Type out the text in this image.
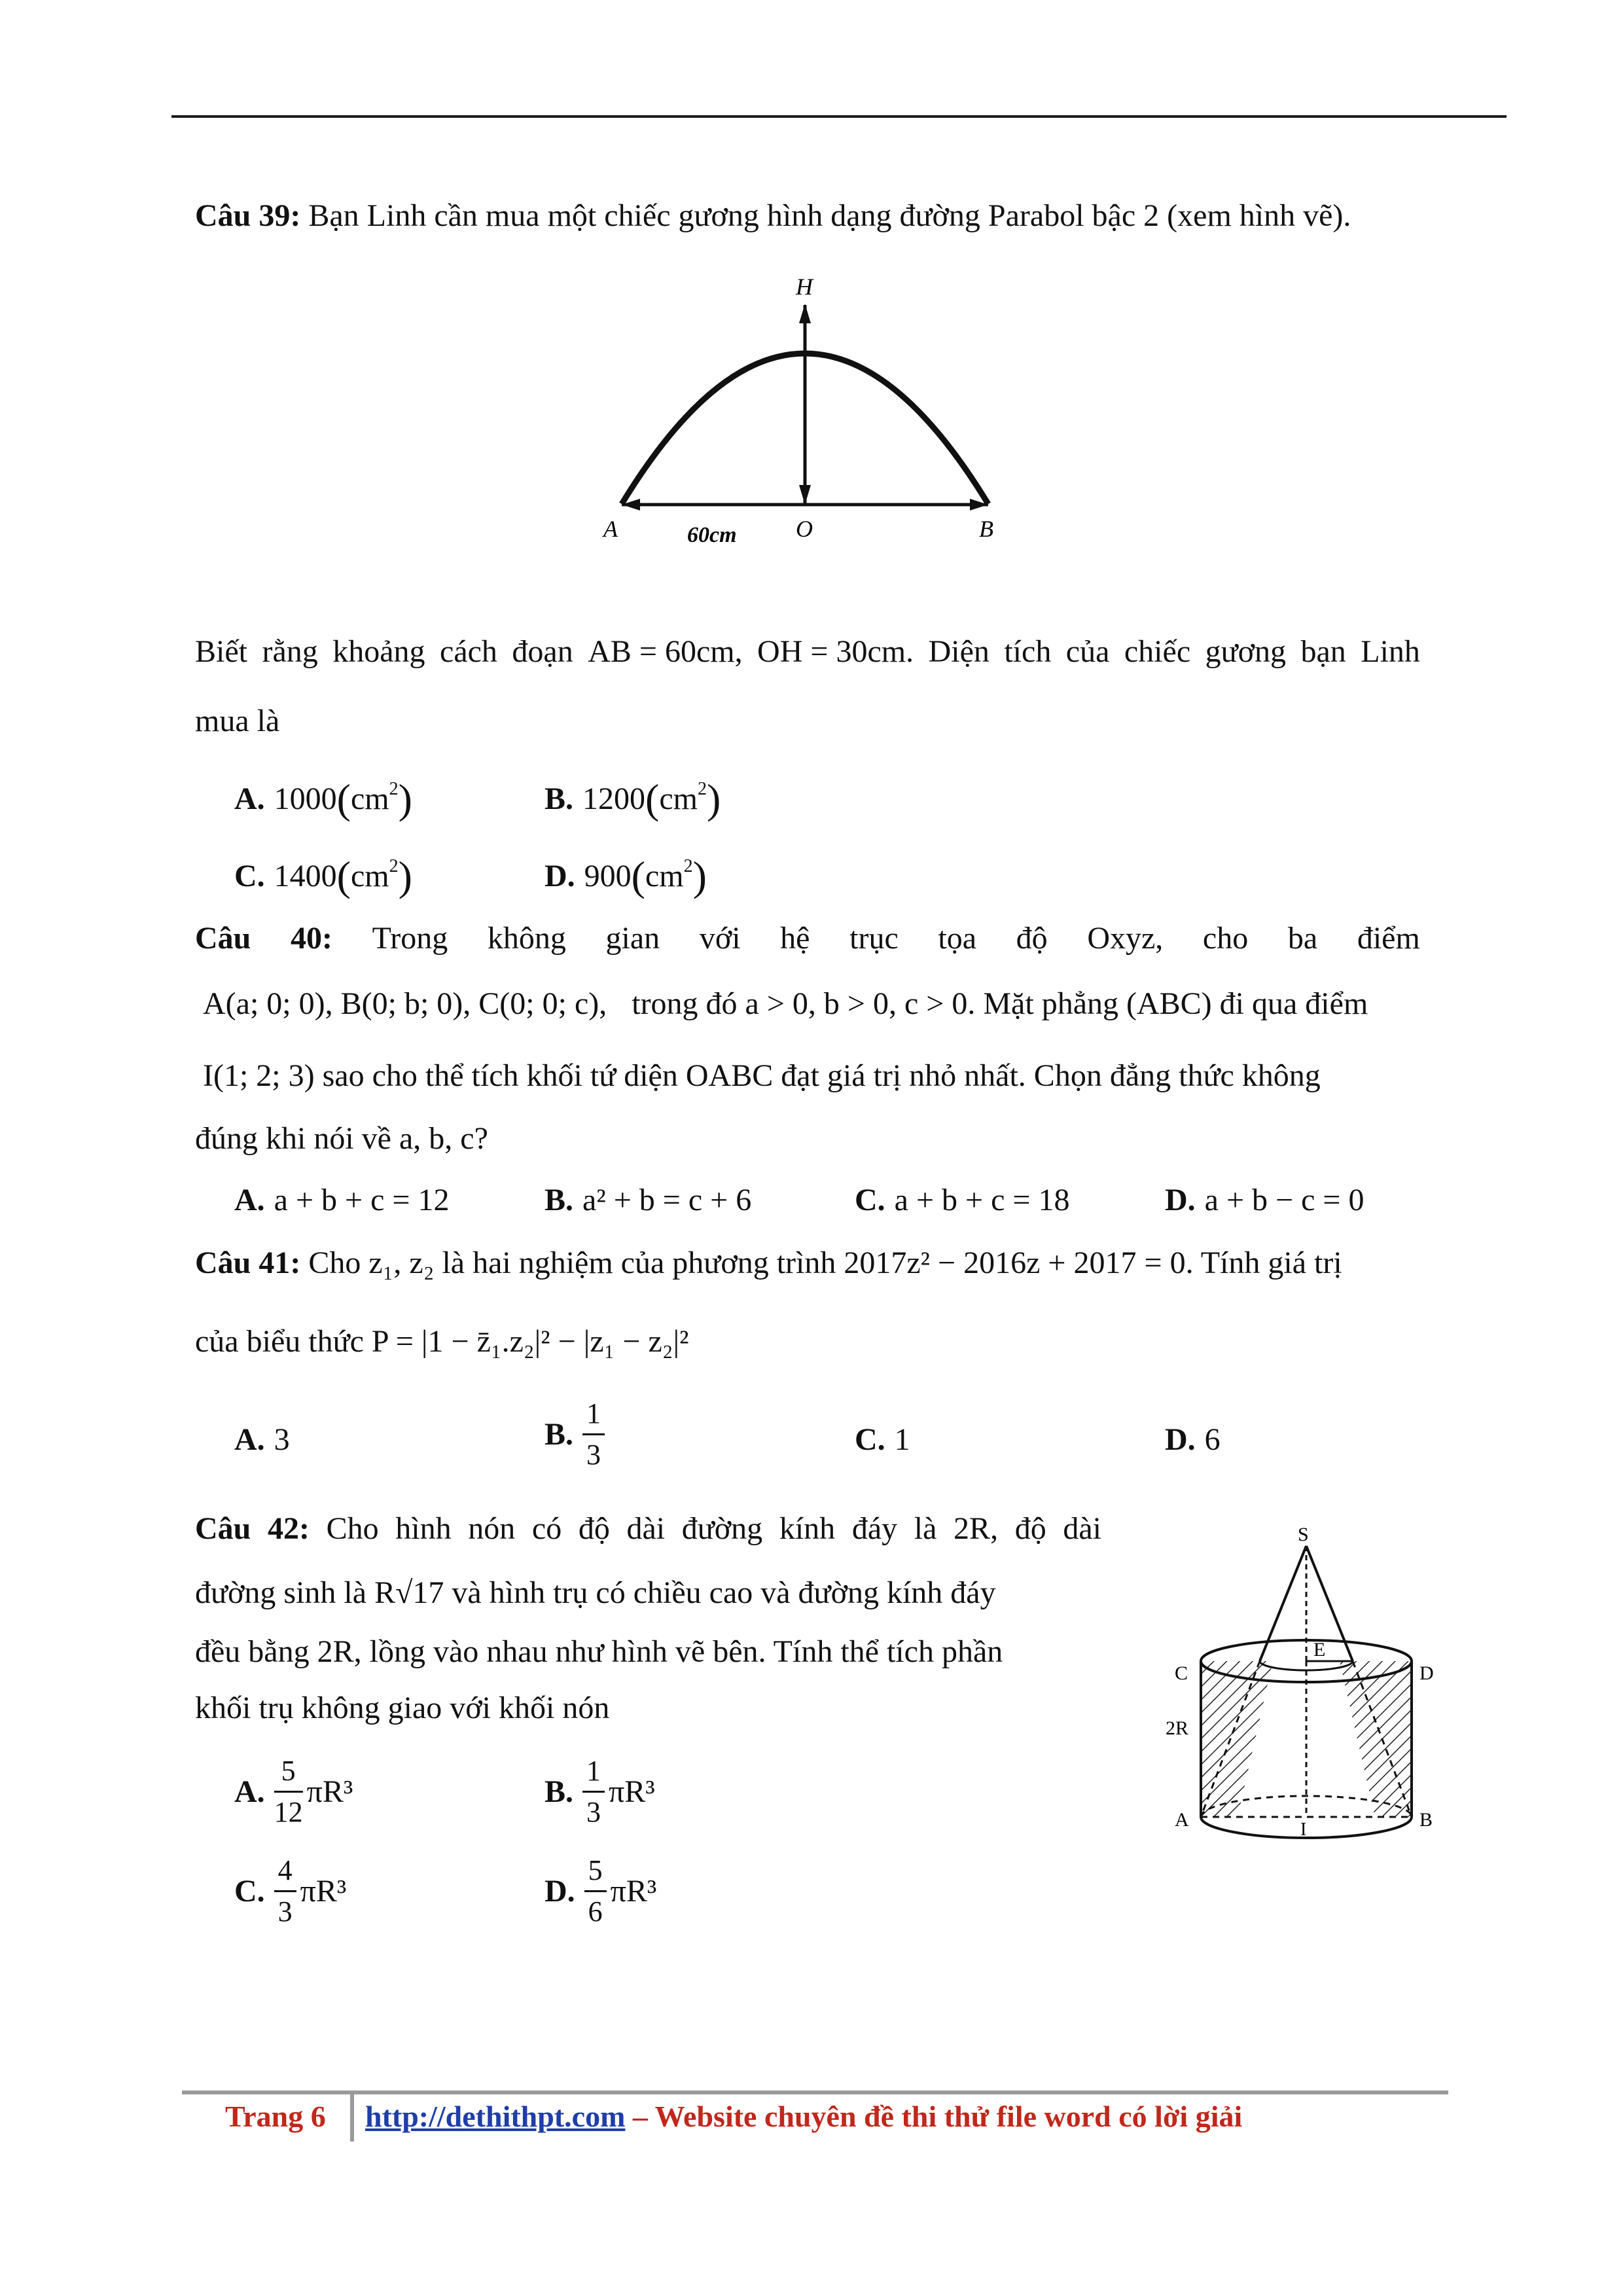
Câu 39: Bạn Linh cần mua một chiếc gương hình dạng đường Parabol bậc 2 (xem hình vẽ).
H
A	O	B
60cm
Biết rằng khoảng cách đoạn AB = 60cm, OH = 30cm. Diện tích của chiếc gương bạn Linh
mua là
A. $1000(cm^2)$	B. $1200(cm^2)$
C. $1400(cm^2)$	D. $900(cm^2)$
Câu 40: Trong không gian với hệ trục tọa độ Oxyz, cho ba điểm
A(a; 0; 0), B(0; b; 0), C(0; 0; c), trong đó a > 0, b > 0, c > 0. Mặt phẳng (ABC) đi qua điểm
I(1; 2; 3) sao cho thể tích khối tứ diện OABC đạt giá trị nhỏ nhất. Chọn đẳng thức không
đúng khi nói về a, b, c?
A. a + b + c = 12	B. a² + b = c + 6	C. a + b + c = 18	D. a + b − c = 0
Câu 41: Cho z₁, z₂ là hai nghiệm của phương trình 2017z² − 2016z + 2017 = 0. Tính giá trị
của biểu thức P = |1 − z̄₁.z₂|² − |z₁ − z₂|²
A. 3	B. $\frac{1}{3}$	C. 1	D. 6
Câu 42: Cho hình nón có độ dài đường kính đáy là 2R, độ dài
đường sinh là R√17 và hình trụ có chiều cao và đường kính đáy
đều bằng 2R, lồng vào nhau như hình vẽ bên. Tính thể tích phần
khối trụ không giao với khối nón
S
E
C	D
2R
A	I	B
A. $\frac{5}{12} \pi R^3$	B. $\frac{1}{3} \pi R^3$
C. $\frac{4}{3} \pi R^3$	D. $\frac{5}{6} \pi R^3$
Trang 6 http://dethithpt.com – Website chuyên đề thi thử file word có lời giải
